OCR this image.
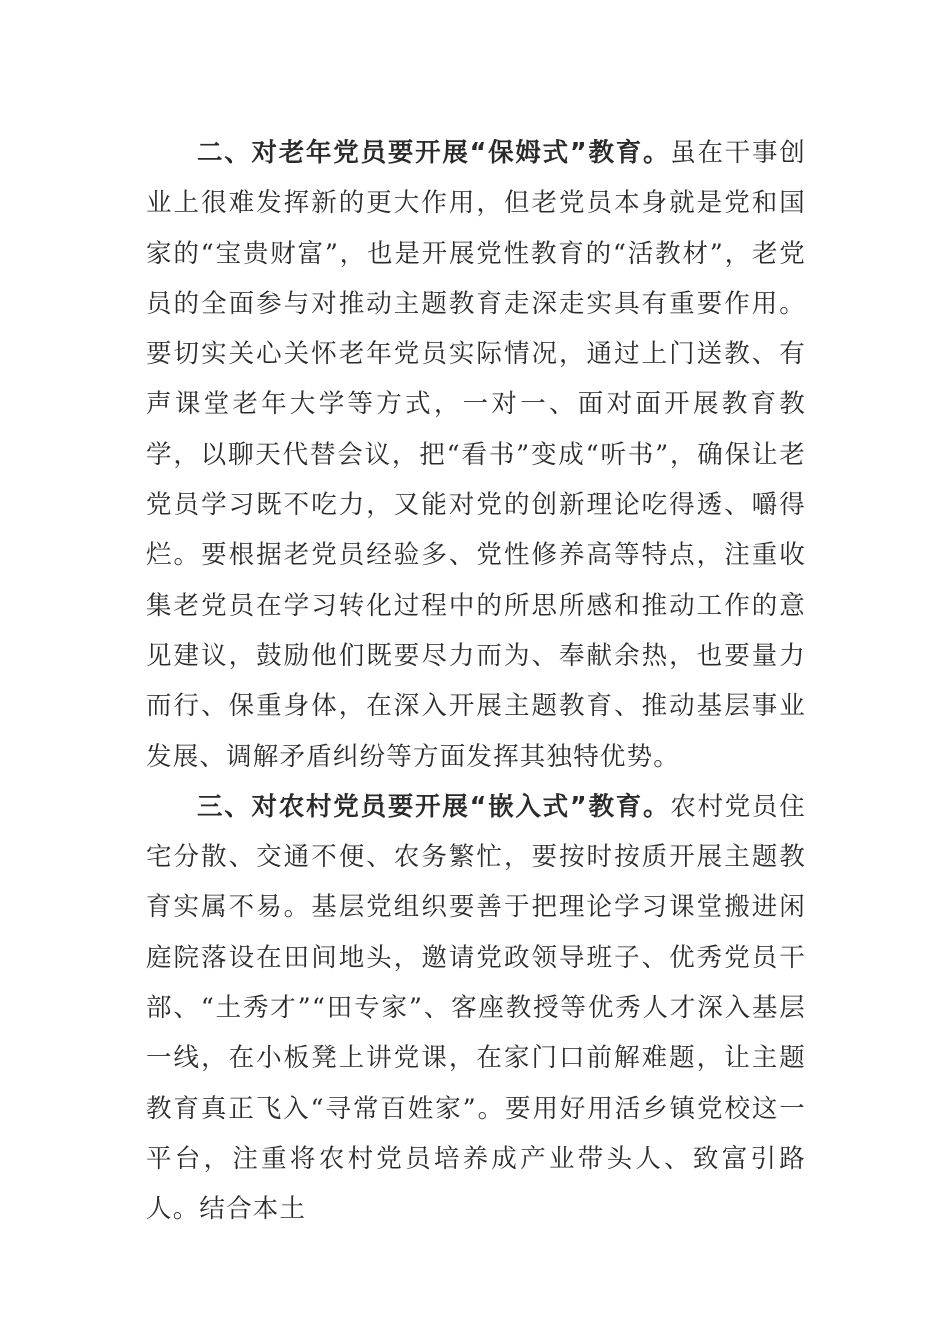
二、对老年党员要开展“保姆式”教育。虽在干事创业上很难发挥新的更大作用，但老党员本身就是党和国家的“宝贵财富”，也是开展党性教育的“活教材”，老党员的全面参与对推动主题教育走深走实具有重要作用。要切实关心关怀老年党员实际情况，通过上门送教、有声课堂老年大学等方式，一对一、面对面开展教育教学，以聊天代替会议，把“看书”变成“听书”，确保让老党员学习既不吃力，又能对党的创新理论吃得透、嚼得烂。要根据老党员经验多、党性修养高等特点，注重收集老党员在学习转化过程中的所思所感和推动工作的意见建议，鼓励他们既要尽力而为、奉献余热，也要量力而行、保重身体，在深入开展主题教育、推动基层事业发展、调解矛盾纠纷等方面发挥其独特优势。

三、对农村党员要开展“嵌入式”教育。农村党员住宅分散、交通不便、农务繁忙，要按时按质开展主题教育实属不易。基层党组织要善于把理论学习课堂搬进闲庭院落设在田间地头，邀请党政领导班子、优秀党员干部、“土秀才”“田专家”、客座教授等优秀人才深入基层一线，在小板凳上讲党课，在家门口前解难题，让主题教育真正飞入“寻常百姓家”。要用好用活乡镇党校这一平台，注重将农村党员培养成产业带头人、致富引路人。结合本土
